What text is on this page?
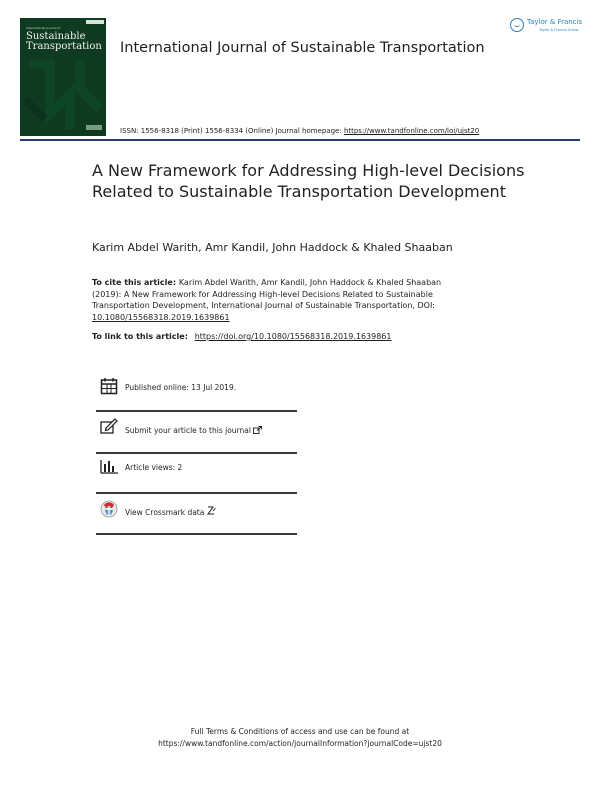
International Journal of
Sustainable Transportation International Journal of Sustainable Transportation
Taylor & Francis
Taylor & Francis Group
ISSN: 1556-8318 (Print) 1556-8334 (Online) Journal homepage: https://www.tandfonline.com/loi/ujst20
A New Framework for Addressing High-level Decisions Related to Sustainable Transportation Development
Karim Abdel Warith, Amr Kandil, John Haddock & Khaled Shaaban
To cite this article: Karim Abdel Warith, Amr Kandil, John Haddock & Khaled Shaaban (2019): A New Framework for Addressing High-level Decisions Related to Sustainable Transportation Development, International Journal of Sustainable Transportation, DOI: 10.1080/15568318.2019.1639861
To link to this article: https://doi.org/10.1080/15568318.2019.1639861
Published online: 13 Jul 2019.
Submit your article to this journal
Article views: 2
View Crossmark data
Full Terms & Conditions of access and use can be found at
https://www.tandfonline.com/action/journalInformation?journalCode=ujst20
